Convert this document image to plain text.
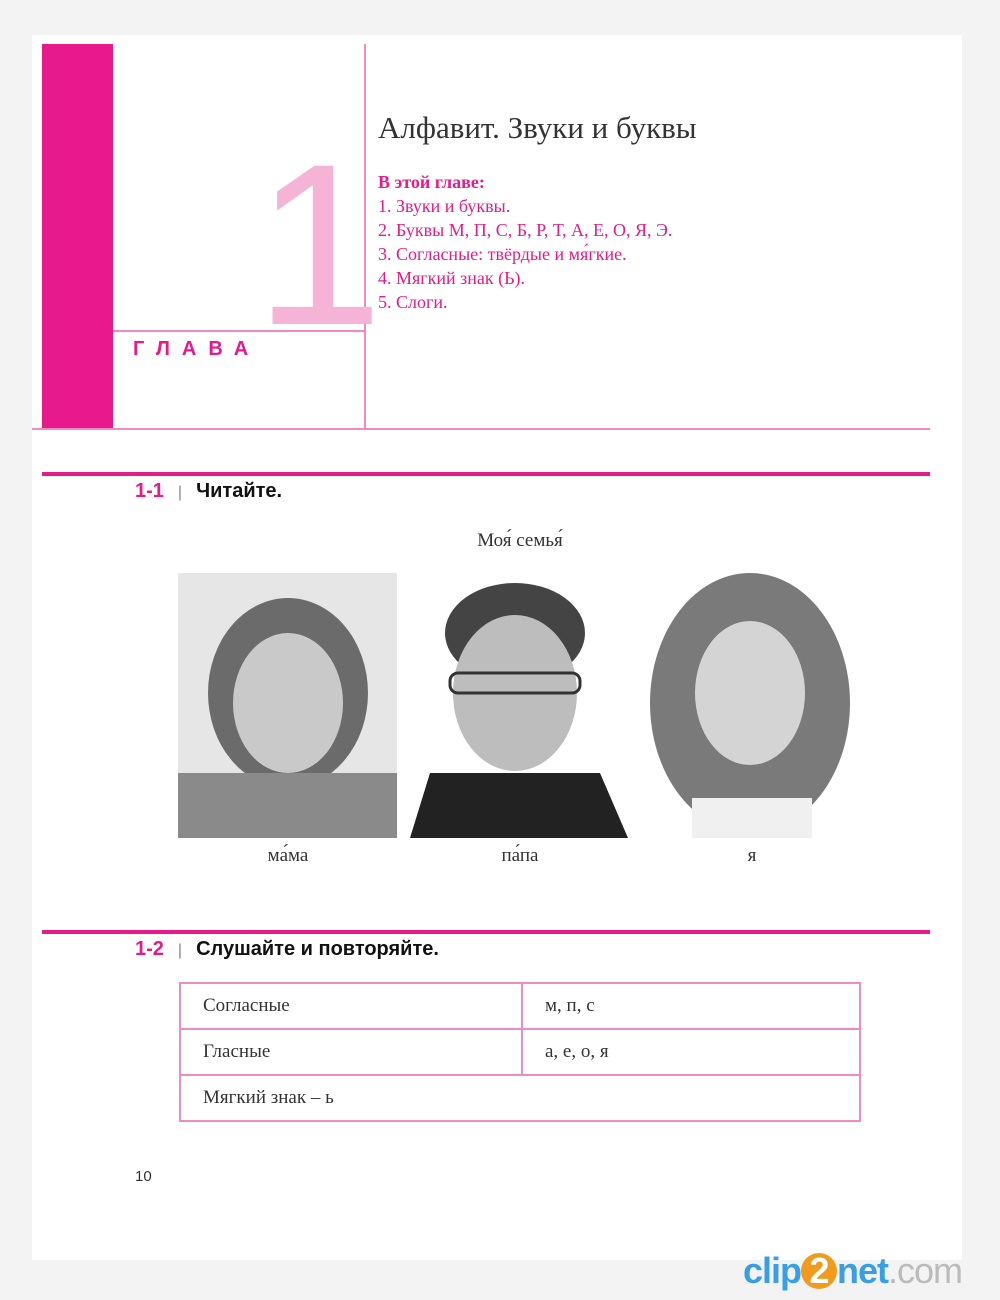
1
ГЛАВА
Алфавит. Звуки и буквы
В этой главе:
1. Звуки и буквы.
2. Буквы М, П, С, Б, Р, Т, А, Е, О, Я, Э.
3. Согласные: твёрдые и мя́гкие.
4. Мягкий знак (Ь).
5. Слоги.
1-1 | Читайте.
Моя́ семья́
ма́ма	па́па	я
1-2 | Слушайте и повторяйте.
Согласные	м, п, с
Гласные	а, е, о, я
Мягкий знак – ь	
10
clip 2 net.com
